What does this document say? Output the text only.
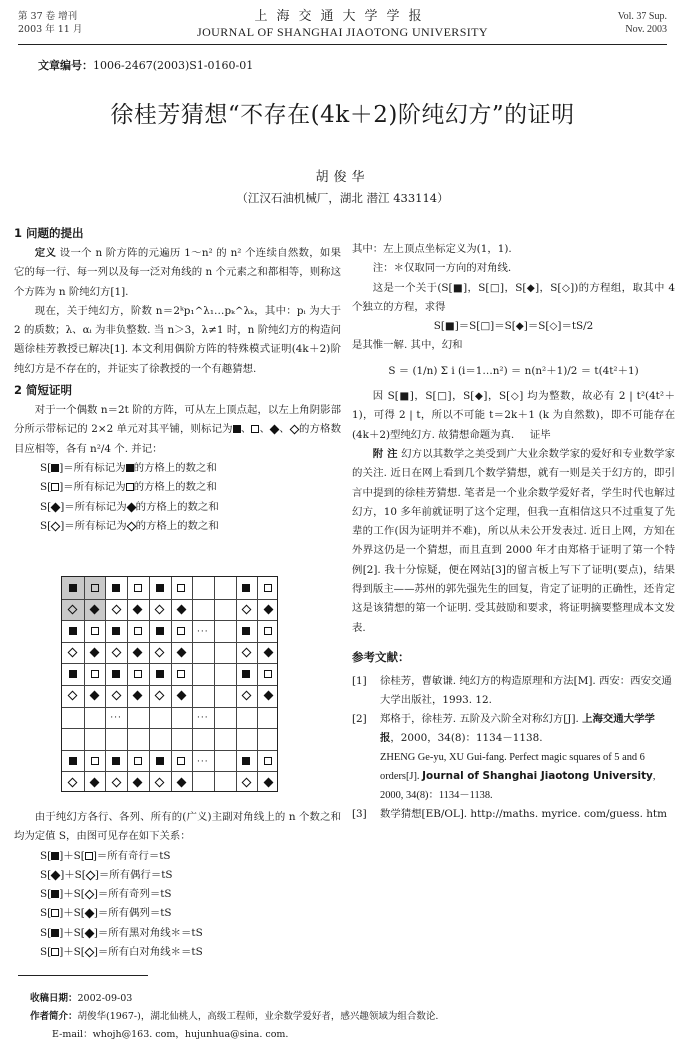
第 37 卷 增刊
2003 年 11 月
上海交通大学学报
JOURNAL OF SHANGHAI JIAOTONG UNIVERSITY
Vol. 37 Sup.
Nov. 2003
文章编号：1006-2467(2003)S1-0160-01
徐桂芳猜想“不存在(4k＋2)阶纯幻方”的证明
胡俊华
（江汉石油机械厂，湖北 潜江 433114）
1 问题的提出
定义 设一个 n 阶方阵的元遍历 1～n² 的 n² 个连续自然数，如果它的每一行、每一列以及每一泛对角线的 n 个元素之和都相等，则称这个方阵为 n 阶纯幻方[1].
现在，关于纯幻方，阶数 n＝2ᵏp₁^λ₁…pₖ^λₖ，其中：pᵢ 为大于 2 的质数；λ、αᵢ 为非负整数. 当 n＞3，λ≠1 时，n 阶纯幻方的构造问题徐桂芳教授已解决[1]. 本文利用偶阶方阵的特殊模式证明(4k＋2)阶纯幻方是不存在的，并证实了徐教授的一个有趣猜想.
2 简短证明
对于一个偶数 n＝2t 阶的方阵，可从左上顶点起，以左上角阴影部分所示带标记的 2×2 单元对其平铺，则标记为 、 、 、 的方格数目应相等，各有 n²/4 个. 并记：
S[ ]＝所有标记为 的方格上的数之和
S[ ]＝所有标记为 的方格上的数之和
S[ ]＝所有标记为 的方格上的数之和
S[ ]＝所有标记为 的方格上的数之和
···
···
···
···
由于纯幻方各行、各列、所有的(广义)主副对角线上的 n 个数之和均为定值 S，由图可见存在如下关系：
S[ ]＋S[ ]＝所有奇行＝tS
S[ ]＋S[ ]＝所有偶行＝tS
S[ ]＋S[ ]＝所有奇列＝tS
S[ ]＋S[ ]＝所有偶列＝tS
S[ ]＋S[ ]＝所有黑对角线＊＝tS
S[ ]＋S[ ]＝所有白对角线＊＝tS
其中：左上顶点坐标定义为(1，1).
注：＊仅取同一方向的对角线.
这是一个关于(S[■]，S[□]，S[◆]，S[◇])的方程组，取其中 4 个独立的方程，求得
S[■]＝S[□]＝S[◆]＝S[◇]＝tS/2
是其惟一解. 其中，幻和
S ＝ (1/n) Σ i (i＝1…n²) ＝ n(n²＋1)/2 ＝ t(4t²＋1)
因 S[■]，S[□]，S[◆]，S[◇] 均为整数，故必有 2 | t²(4t²＋1)，可得 2 | t，所以不可能 t＝2k＋1 (k 为自然数)，即不可能存在(4k＋2)型纯幻方. 故猜想命题为真. 证毕
附 注 幻方以其数学之美受到广大业余数学家的爱好和专业数学家的关注. 近日在网上看到几个数学猜想，就有一则是关于幻方的，即引言中提到的徐桂芳猜想. 笔者是一个业余数学爱好者，学生时代也解过幻方，10 多年前就证明了这个定理，但我一直相信这只不过重复了先辈的工作(因为证明并不难)，所以从未公开发表过. 近日上网，方知在外界这仍是一个猜想，而且直到 2000 年才由郑格于证明了第一个特例[2]. 我十分惊疑，便在网站[3]的留言板上写下了证明(要点)，结果得到版主——苏州的郭先强先生的回复，肯定了证明的正确性，还肯定这是该猜想的第一个证明. 受其鼓励和要求，将证明摘要整理成本文发表.
参考文献：
[1]	徐桂芳，曹敏谦. 纯幻方的构造原理和方法[M]. 西安：西安交通大学出版社，1993. 12.
[2]	郑格于，徐桂芳. 五阶及六阶全对称幻方[J]. 上海交通大学学报，2000，34(8)：1134－1138.
ZHENG Ge-yu, XU Gui-fang. Perfect magic squares of 5 and 6 orders[J]. Journal of Shanghai Jiaotong University, 2000, 34(8)：1134－1138.
[3]	数学猜想[EB/OL]. http://maths. myrice. com/guess. htm
收稿日期：2002-09-03
作者简介：胡俊华(1967-)，湖北仙桃人，高级工程师，业余数学爱好者，感兴趣领域为组合数论.
E-mail：whojh@163. com，hujunhua@sina. com.
